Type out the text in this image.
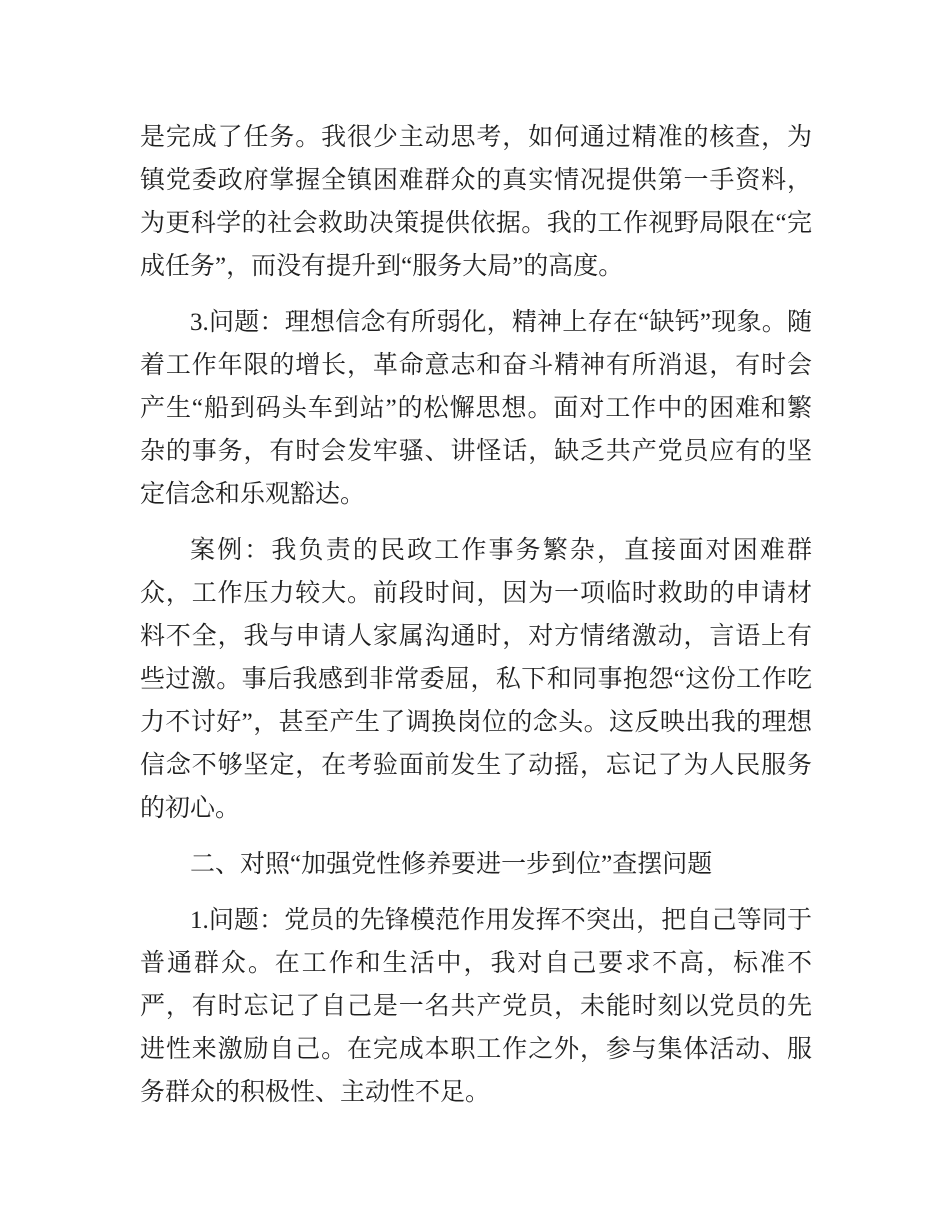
是完成了任务。我很少主动思考，如何通过精准的核查，为镇党委政府掌握全镇困难群众的真实情况提供第一手资料，为更科学的社会救助决策提供依据。我的工作视野局限在“完成任务”，而没有提升到“服务大局”的高度。

3.问题：理想信念有所弱化，精神上存在“缺钙”现象。随着工作年限的增长，革命意志和奋斗精神有所消退，有时会产生“船到码头车到站”的松懈思想。面对工作中的困难和繁杂的事务，有时会发牢骚、讲怪话，缺乏共产党员应有的坚定信念和乐观豁达。

案例：我负责的民政工作事务繁杂，直接面对困难群众，工作压力较大。前段时间，因为一项临时救助的申请材料不全，我与申请人家属沟通时，对方情绪激动，言语上有些过激。事后我感到非常委屈，私下和同事抱怨“这份工作吃力不讨好”，甚至产生了调换岗位的念头。这反映出我的理想信念不够坚定，在考验面前发生了动摇，忘记了为人民服务的初心。

二、对照“加强党性修养要进一步到位”查摆问题

1.问题：党员的先锋模范作用发挥不突出，把自己等同于普通群众。在工作和生活中，我对自己要求不高，标准不严，有时忘记了自己是一名共产党员，未能时刻以党员的先进性来激励自己。在完成本职工作之外，参与集体活动、服务群众的积极性、主动性不足。
